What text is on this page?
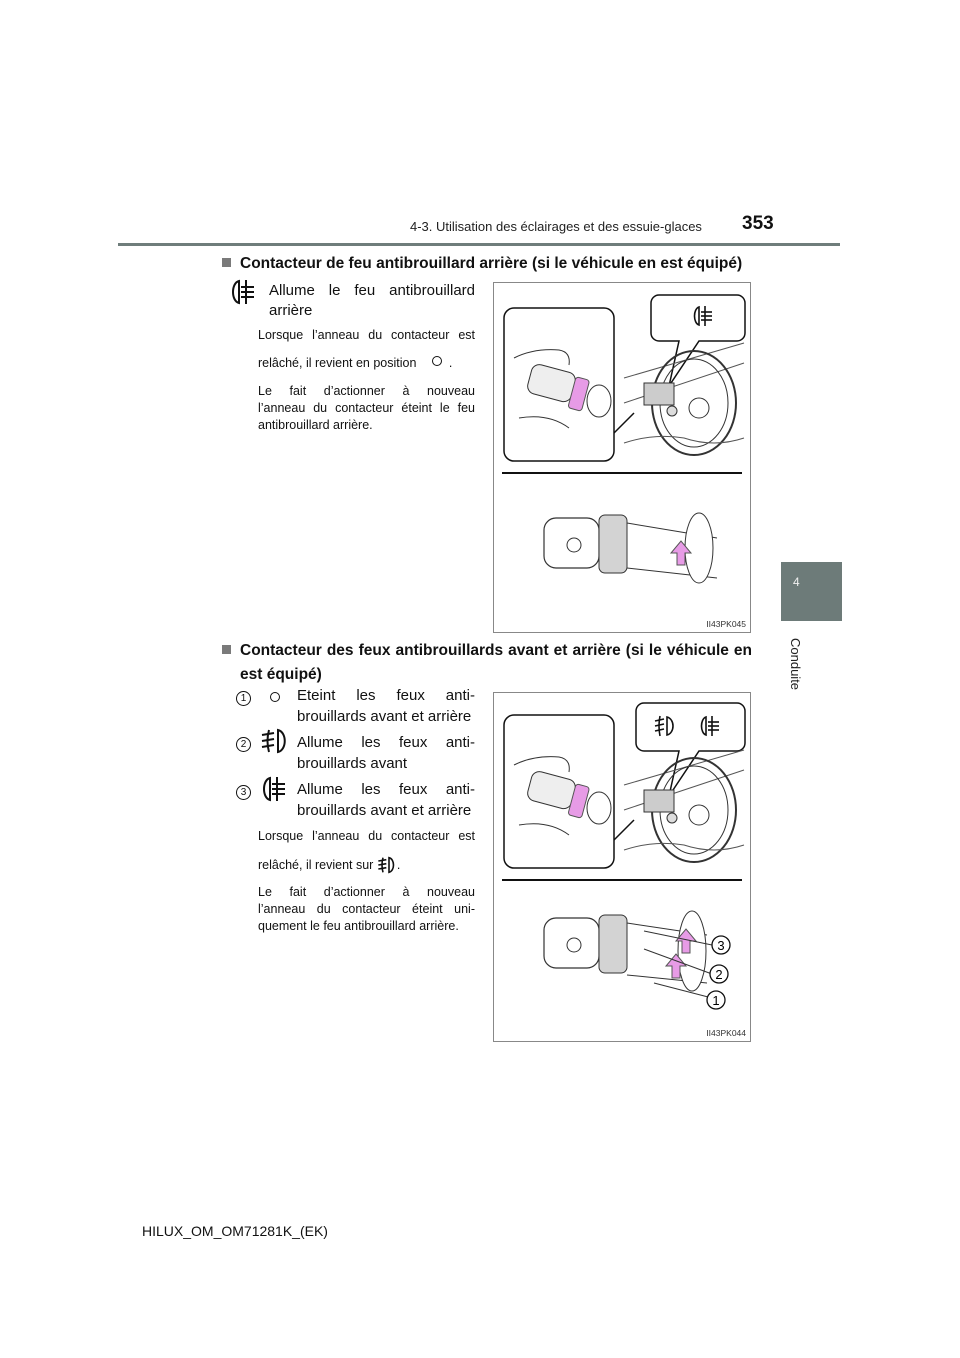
4-3. Utilisation des éclairages et des essuie-glaces 353
4
Conduite
Contacteur de feu antibrouillard arrière (si le véhicule en est équipé)
Allume le feu antibrouillard
arrière
Lorsque l’anneau du contacteur est
relâché, il revient en position	.
Le fait d’actionner à nouveau
l’anneau du contacteur éteint le feu
antibrouillard arrière.
II43PK045
Contacteur des feux antibrouillards avant et arrière (si le véhicule en
est équipé)
1	Eteint les feux anti-
brouillards avant et arrière
2	Allume les feux anti-
brouillards avant
3	Allume les feux anti-
brouillards avant et arrière
Lorsque l’anneau du contacteur est
relâché, il revient sur .
Le fait d’actionner à nouveau
l’anneau du contacteur éteint uni-
quement le feu antibrouillard arrière.
3
2
1
II43PK044
HILUX_OM_OM71281K_(EK)
